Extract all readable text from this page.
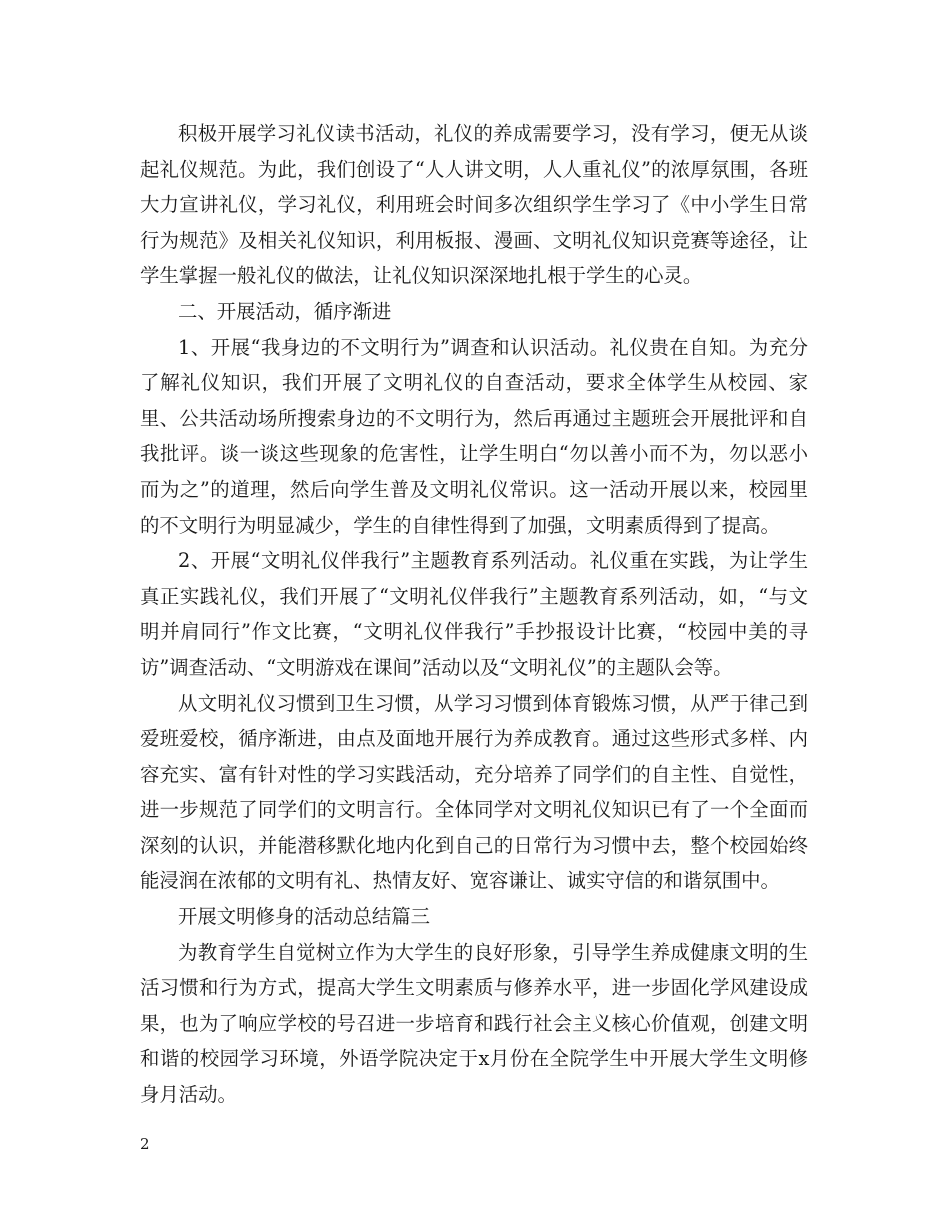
积极开展学习礼仪读书活动，礼仪的养成需要学习，没有学习，便无从谈起礼仪规范。为此，我们创设了“人人讲文明，人人重礼仪”的浓厚氛围，各班大力宣讲礼仪，学习礼仪，利用班会时间多次组织学生学习了《中小学生日常行为规范》及相关礼仪知识，利用板报、漫画、文明礼仪知识竞赛等途径，让学生掌握一般礼仪的做法，让礼仪知识深深地扎根于学生的心灵。

二、开展活动，循序渐进

1、开展“我身边的不文明行为”调查和认识活动。礼仪贵在自知。为充分了解礼仪知识，我们开展了文明礼仪的自查活动，要求全体学生从校园、家里、公共活动场所搜索身边的不文明行为，然后再通过主题班会开展批评和自我批评。谈一谈这些现象的危害性，让学生明白“勿以善小而不为，勿以恶小而为之”的道理，然后向学生普及文明礼仪常识。这一活动开展以来，校园里的不文明行为明显减少，学生的自律性得到了加强，文明素质得到了提高。

2、开展“文明礼仪伴我行”主题教育系列活动。礼仪重在实践，为让学生真正实践礼仪，我们开展了“文明礼仪伴我行”主题教育系列活动，如，“与文明并肩同行”作文比赛，“文明礼仪伴我行”手抄报设计比赛，“校园中美的寻访”调查活动、“文明游戏在课间”活动以及“文明礼仪”的主题队会等。

从文明礼仪习惯到卫生习惯，从学习习惯到体育锻炼习惯，从严于律己到爱班爱校，循序渐进，由点及面地开展行为养成教育。通过这些形式多样、内容充实、富有针对性的学习实践活动，充分培养了同学们的自主性、自觉性，进一步规范了同学们的文明言行。全体同学对文明礼仪知识已有了一个全面而深刻的认识，并能潜移默化地内化到自己的日常行为习惯中去，整个校园始终能浸润在浓郁的文明有礼、热情友好、宽容谦让、诚实守信的和谐氛围中。

开展文明修身的活动总结篇三

为教育学生自觉树立作为大学生的良好形象，引导学生养成健康文明的生活习惯和行为方式，提高大学生文明素质与修养水平，进一步固化学风建设成果，也为了响应学校的号召进一步培育和践行社会主义核心价值观，创建文明和谐的校园学习环境，外语学院决定于x月份在全院学生中开展大学生文明修身月活动。

2
